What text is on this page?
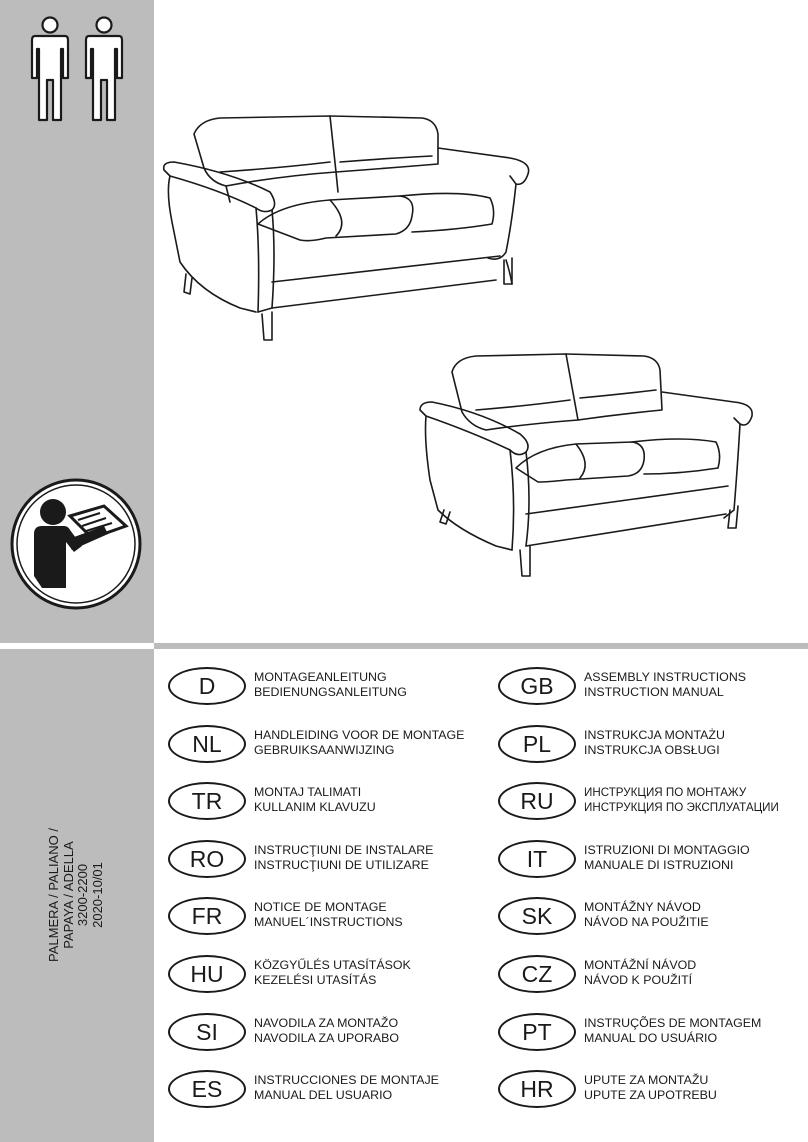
PALMERA / PALIANO / PAPAYA / ADELLA 3200-2200 2020-10/01
D	MONTAGEANLEITUNG
BEDIENUNGSANLEITUNG
NL	HANDLEIDING VOOR DE MONTAGE
GEBRUIKSAANWIJZING
TR	MONTAJ TALIMATI
KULLANIM KLAVUZU
RO	INSTRUCŢIUNI DE INSTALARE
INSTRUCŢIUNI DE UTILIZARE
FR	NOTICE DE MONTAGE
MANUEL´INSTRUCTIONS
HU	KÖZGYŰLÉS UTASÍTÁSOK
KEZELÉSI UTASÍTÁS
SI	NAVODILA ZA MONTAŽO
NAVODILA ZA UPORABO
ES	INSTRUCCIONES DE MONTAJE
MANUAL DEL USUARIO
GB	ASSEMBLY INSTRUCTIONS
INSTRUCTION MANUAL
PL	INSTRUKCJA MONTAŻU
INSTRUKCJA OBSŁUGI
RU	ИНСТРУКЦИЯ ПО МОНТАЖУ
ИНСТРУКЦИЯ ПО ЭКСПЛУАТАЦИИ
IT	ISTRUZIONI DI MONTAGGIO
MANUALE DI ISTRUZIONI
SK	MONTÁŽNY NÁVOD
NÁVOD NA POUŽITIE
CZ	MONTÁŽNÍ NÁVOD
NÁVOD K POUŽITÍ
PT	INSTRUÇÕES DE MONTAGEM
MANUAL DO USUÁRIO
HR	UPUTE ZA MONTAŽU
UPUTE ZA UPOTREBU
